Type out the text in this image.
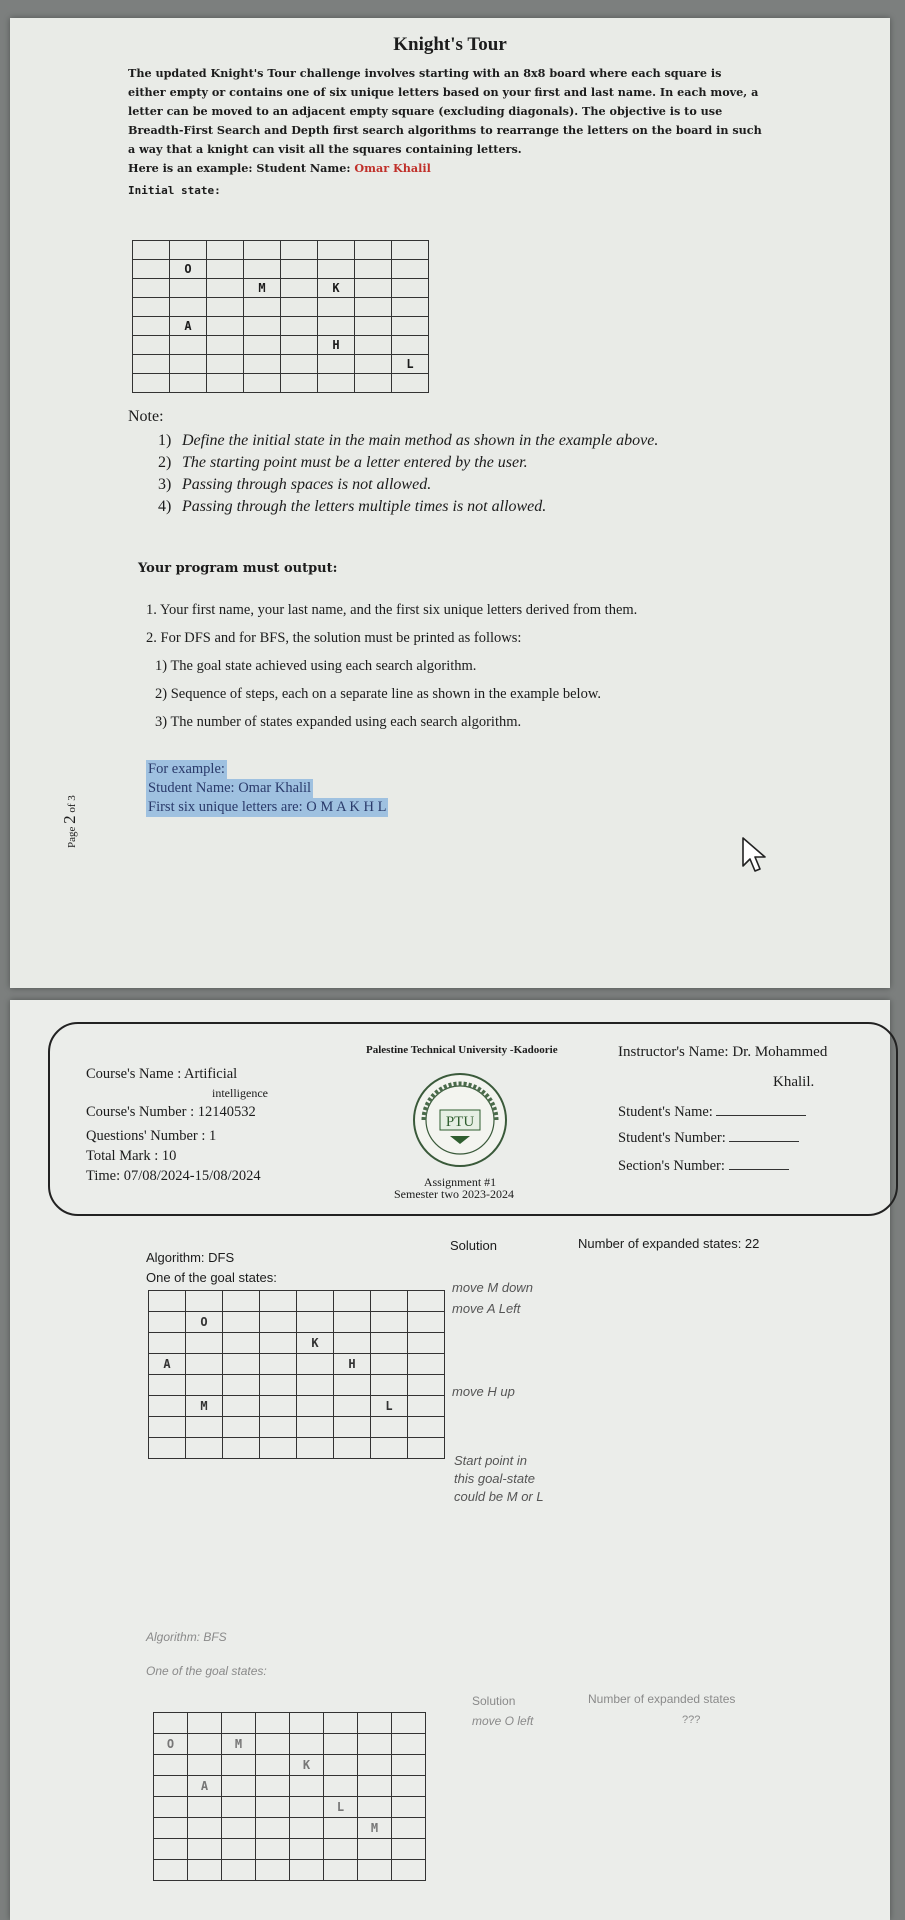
Knight's Tour
The updated Knight's Tour challenge involves starting with an 8x8 board where each square is
either empty or contains one of six unique letters based on your first and last name. In each move, a
letter can be moved to an adjacent empty square (excluding diagonals). The objective is to use
Breadth-First Search and Depth first search algorithms to rearrange the letters on the board in such
a way that a knight can visit all the squares containing letters.
Here is an example: Student Name: Omar Khalil
Initial state:

	O						
			M		K		

	A						
					H		
							L

Note:
1) Define the initial state in the main method as shown in the example above.
2) The starting point must be a letter entered by the user.
3) Passing through spaces is not allowed.
4) Passing through the letters multiple times is not allowed.
Your program must output:
1. Your first name, your last name, and the first six unique letters derived from them.
2. For DFS and for BFS, the solution must be printed as follows:
1) The goal state achieved using each search algorithm.
2) Sequence of steps, each on a separate line as shown in the example below.
3) The number of states expanded using each search algorithm.
For example:
Student Name: Omar Khalil
First six unique letters are: O M A K H L
Page 2 of 3
Palestine Technical University -Kadoorie
Course's Name : Artificial
intelligence
Course's Number : 12140532
Questions' Number : 1
Total Mark : 10
Time: 07/08/2024-15/08/2024
PTU
Instructor's Name: Dr. Mohammed
Khalil.
Student's Name:
Student's Number:
Section's Number:
Assignment #1
Semester two 2023-2024
Algorithm: DFS
Solution	Number of expanded states: 22
One of the goal states:

	O						
				K			
A					H		

	M					L	

move M down
move A Left
move H up
Start point in
this goal-state
could be M or L
Algorithm: BFS
One of the goal states:
Solution	Number of expanded states
???
move O left

O		M					
				K			
	A						
					L		
						M	
